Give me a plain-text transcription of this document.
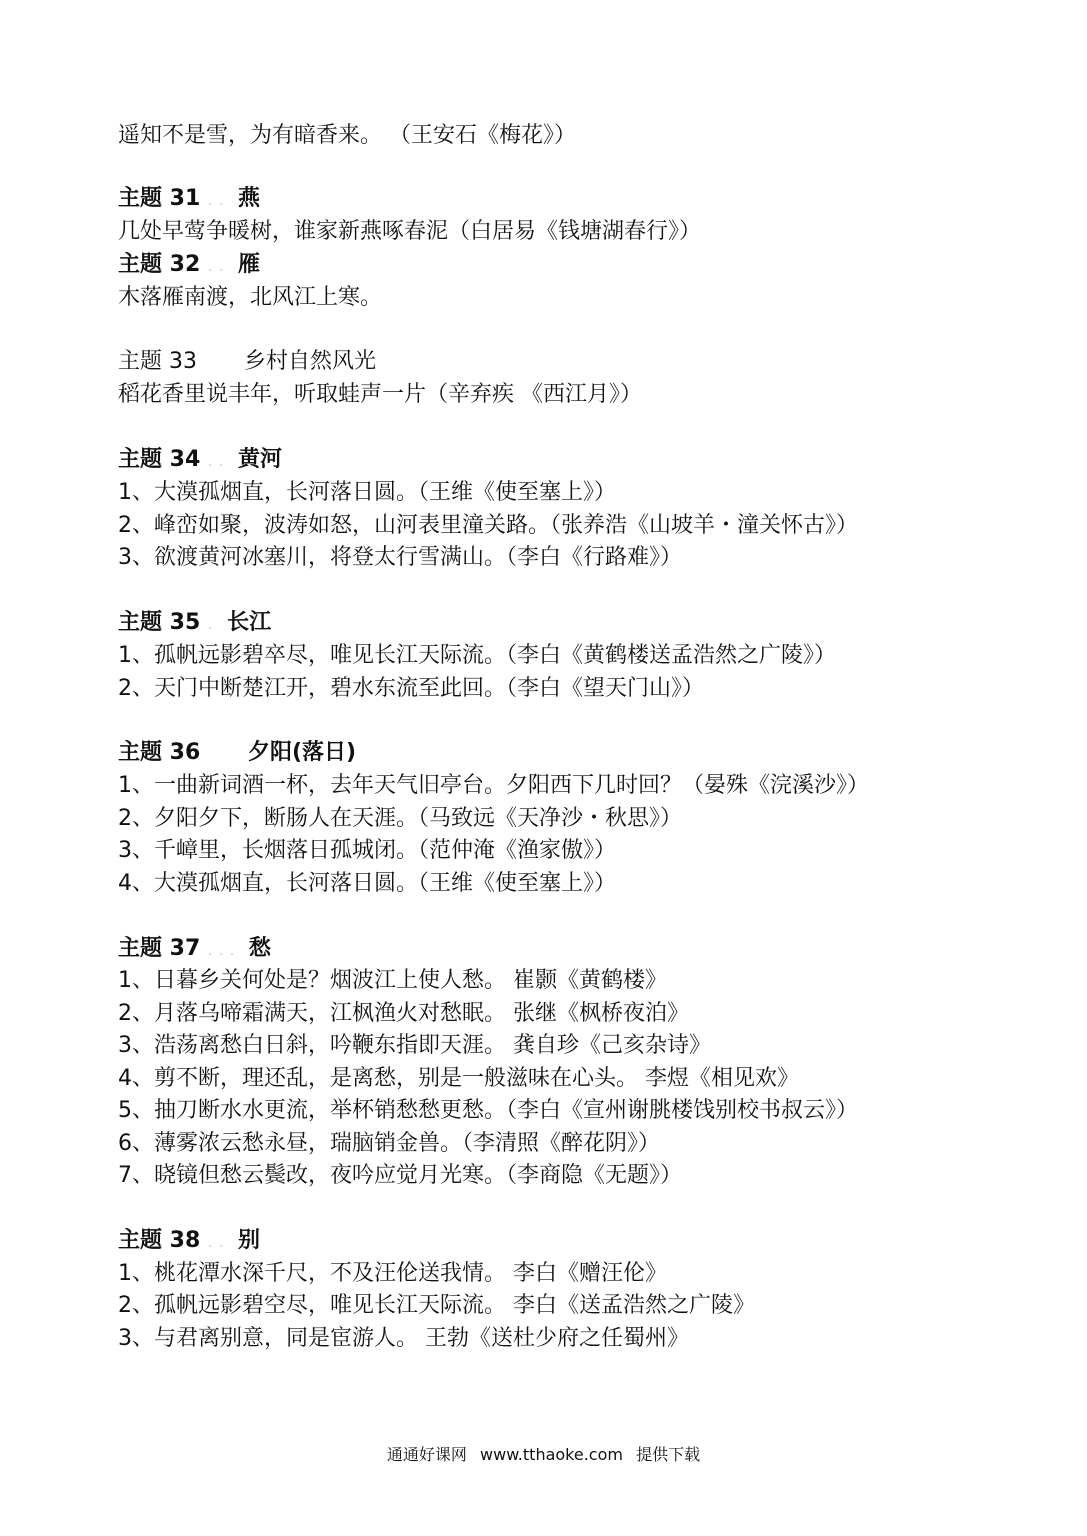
遥知不是雪，为有暗香来。 （王安石《梅花》）
主题 31 . . 燕
几处早莺争暖树，谁家新燕啄春泥（白居易《钱塘湖春行》）
主题 32 . . 雁
木落雁南渡，北风江上寒。
主题 33 乡村自然风光
稻花香里说丰年，听取蛙声一片（辛弃疾 《西江月》）
主题 34 . . 黄河
1、大漠孤烟直，长河落日圆。（王维《使至塞上》）
2、峰峦如聚，波涛如怒，山河表里潼关路。（张养浩《山坡羊・潼关怀古》）
3、欲渡黄河冰塞川，将登太行雪满山。（李白《行路难》）
主题 35 . 长江
1、孤帆远影碧卒尽，唯见长江天际流。（李白《黄鹤楼送孟浩然之广陵》）
2、天门中断楚江开，碧水东流至此回。（李白《望天门山》）
主题 36 夕阳(落日)
1、一曲新词酒一杯，去年天气旧亭台。夕阳西下几时回？（晏殊《浣溪沙》）
2、夕阳夕下，断肠人在天涯。（马致远《天净沙・秋思》）
3、千嶂里，长烟落日孤城闭。（范仲淹《渔家傲》）
4、大漠孤烟直，长河落日圆。（王维《使至塞上》）
主题 37 . . . 愁
1、日暮乡关何处是？烟波江上使人愁。 崔颢《黄鹤楼》
2、月落乌啼霜满天，江枫渔火对愁眠。 张继《枫桥夜泊》
3、浩荡离愁白日斜，吟鞭东指即天涯。 龚自珍《己亥杂诗》
4、剪不断，理还乱，是离愁，别是一般滋味在心头。 李煜《相见欢》
5、抽刀断水水更流，举杯销愁愁更愁。（李白《宣州谢朓楼饯别校书叔云》）
6、薄雾浓云愁永昼，瑞脑销金兽。（李清照《醉花阴》）
7、晓镜但愁云鬓改，夜吟应觉月光寒。（李商隐《无题》）
主题 38 . . 别
1、桃花潭水深千尺，不及汪伦送我情。 李白《赠汪伦》
2、孤帆远影碧空尽，唯见长江天际流。 李白《送孟浩然之广陵》
3、与君离别意，同是宦游人。 王勃《送杜少府之任蜀州》
通通好课网 www.tthaoke.com 提供下载
